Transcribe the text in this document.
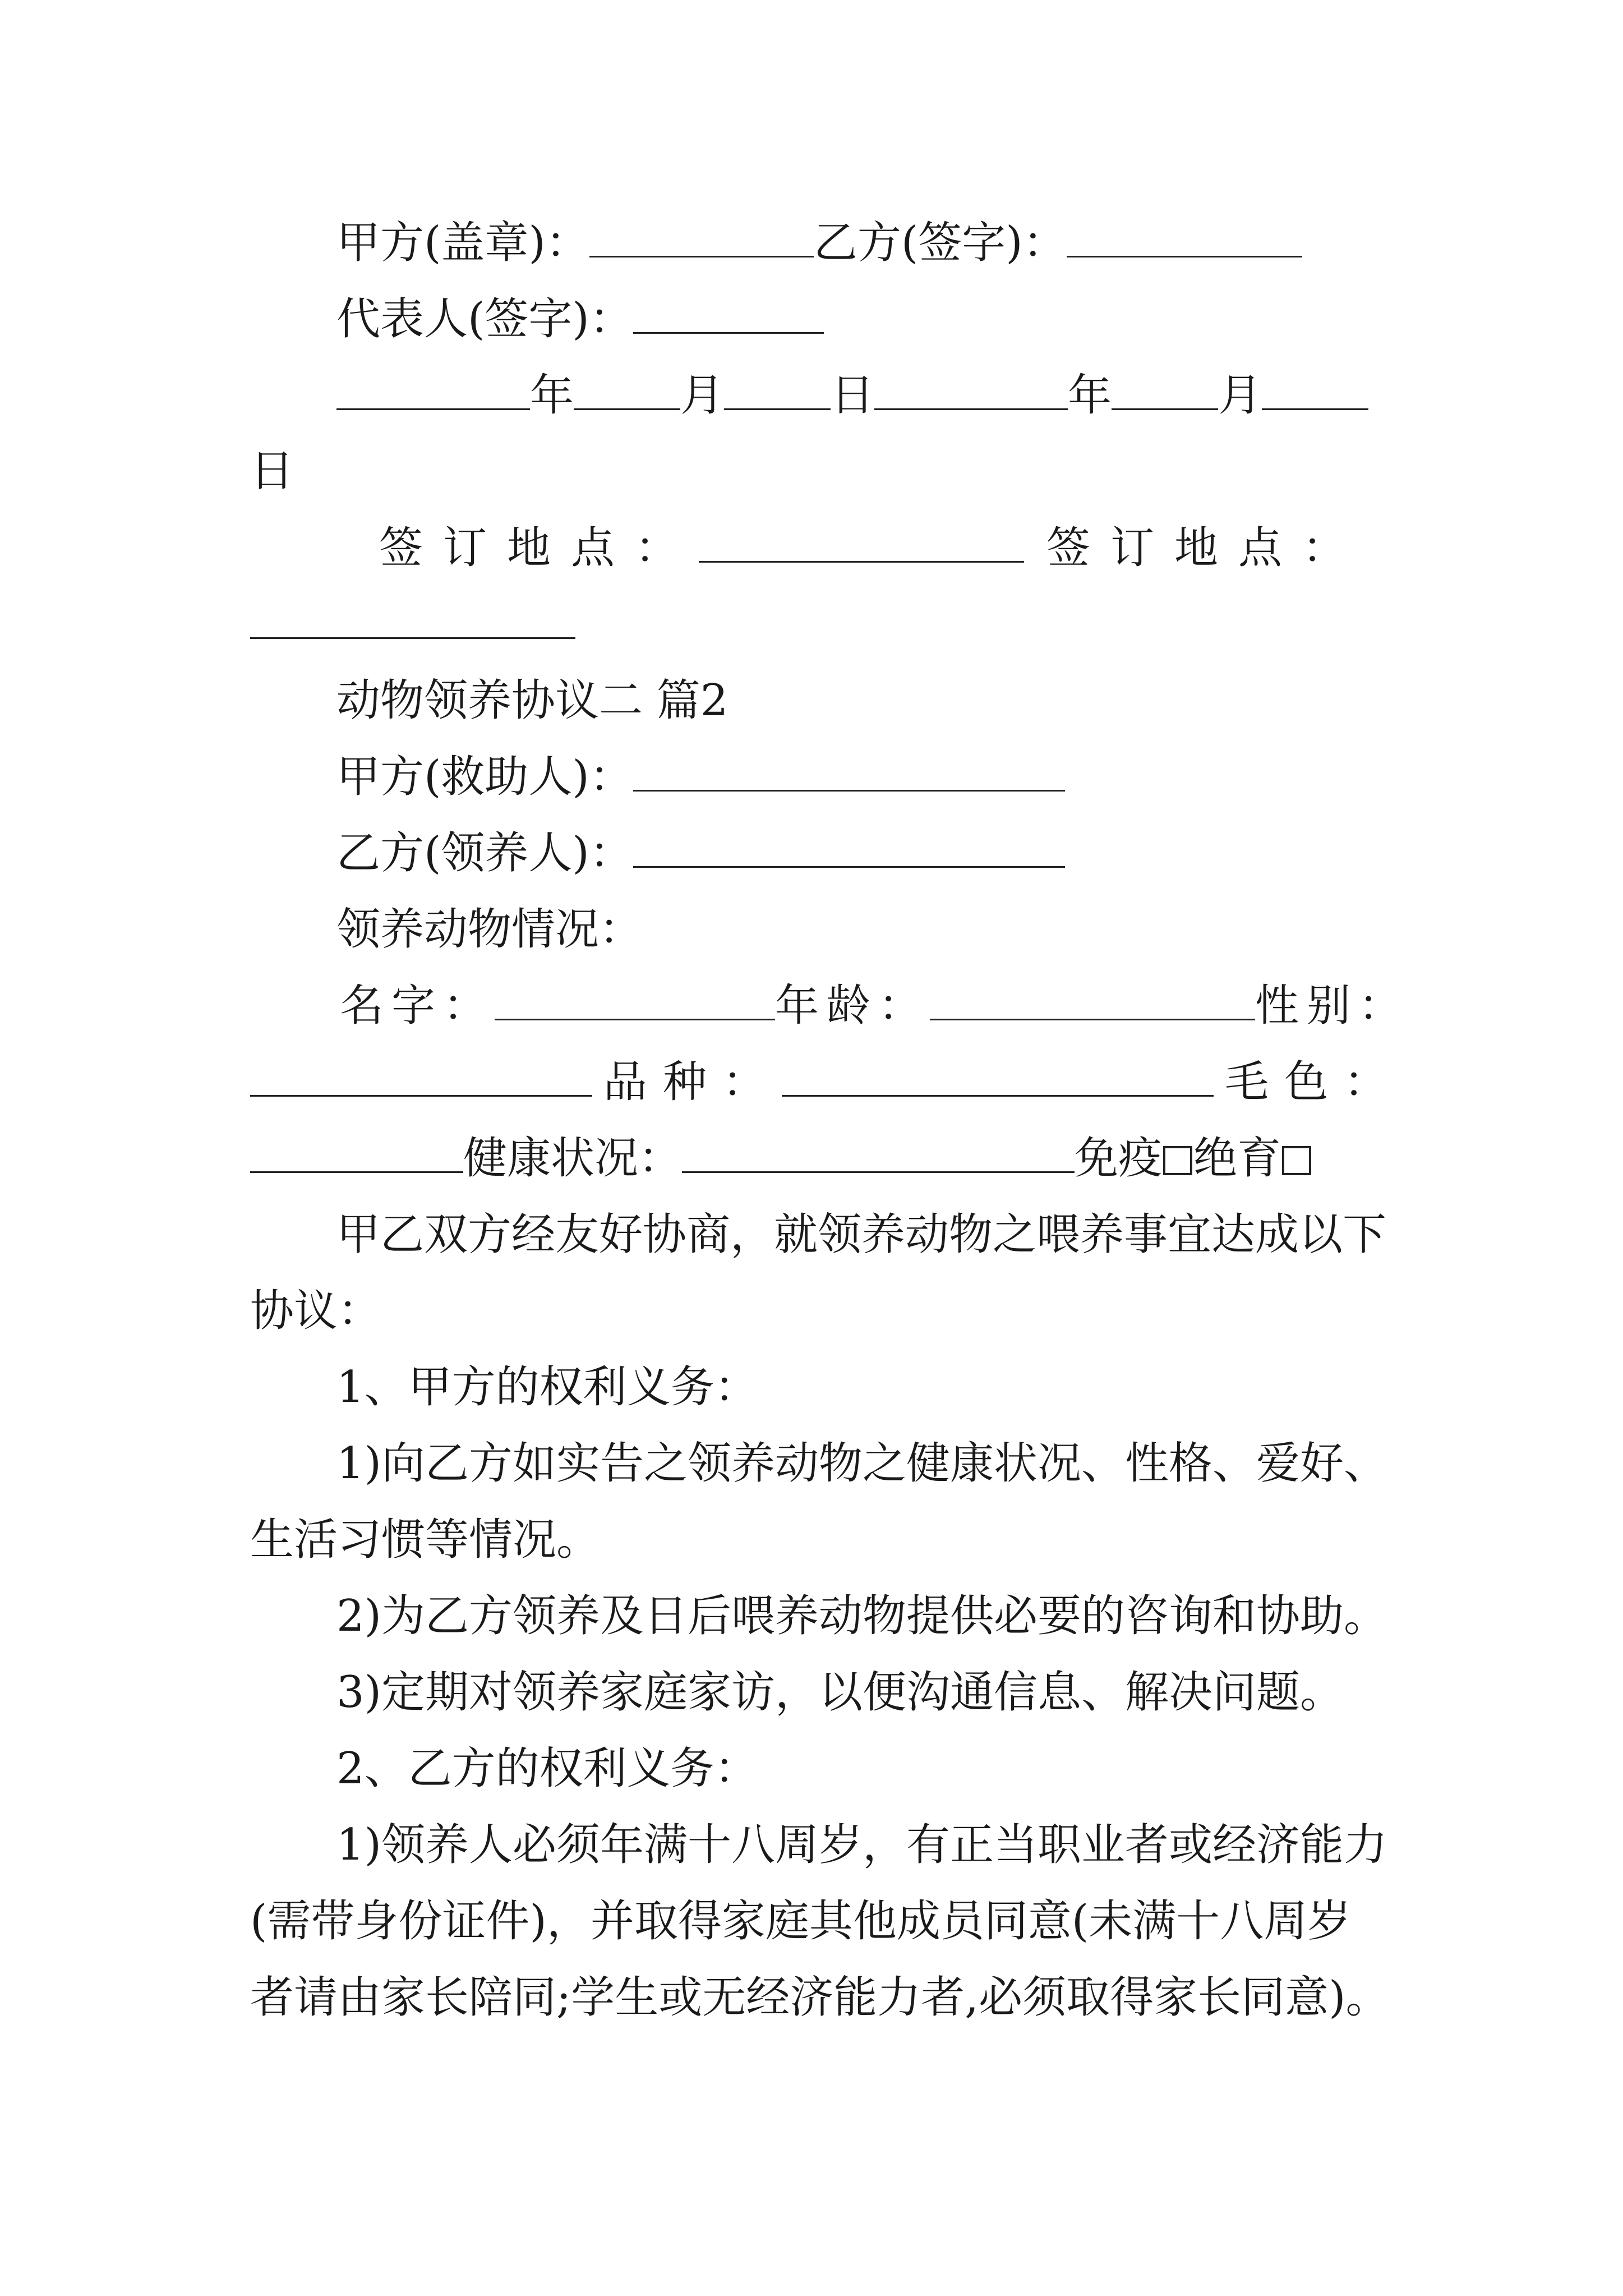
甲方(盖章)：	乙方(签字)：
代表人(签字)：
年 月 日	年 月
日
签订地点：	签订地点：
动物领养协议二 篇2
甲方(救助人)：
乙方(领养人)：
领养动物情况：
名字：	年龄：	性别：
品种：	毛色：
健康状况：	免疫 绝育
甲乙双方经友好协商，就领养动物之喂养事宜达成以下
协议：
1、甲方的权利义务：
1)向乙方如实告之领养动物之健康状况、性格、爱好、
生活习惯等情况。
2)为乙方领养及日后喂养动物提供必要的咨询和协助。
3)定期对领养家庭家访，以便沟通信息、解决问题。
2、乙方的权利义务：
1)领养人必须年满十八周岁，有正当职业者或经济能力
(需带身份证件)，并取得家庭其他成员同意(未满十八周岁
者请由家长陪同;学生或无经济能力者,必须取得家长同意)。
